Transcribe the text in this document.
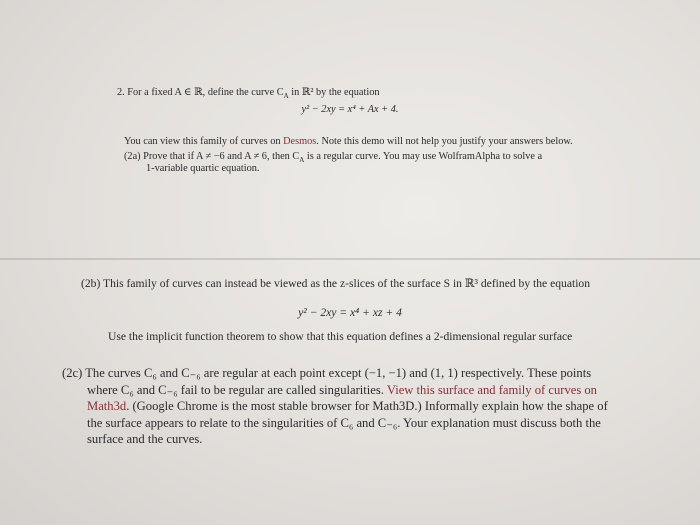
2. For a fixed A ∈ ℝ, define the curve $C_A$ in ℝ² by the equation
y² − 2xy = x⁴ + Ax + 4.
You can view this family of curves on Desmos. Note this demo will not help you justify your answers below.
(2a) Prove that if A ≠ −6 and A ≠ 6, then $C_A$ is a regular curve. You may use WolframAlpha to solve a
1-variable quartic equation.
(2b) This family of curves can instead be viewed as the z-slices of the surface S in ℝ³ defined by the equation
y² − 2xy = x⁴ + xz + 4
Use the implicit function theorem to show that this equation defines a 2-dimensional regular surface
(2c) The curves C₆ and C₋₆ are regular at each point except (−1, −1) and (1, 1) respectively. These points
where C₆ and C₋₆ fail to be regular are called singularities. View this surface and family of curves on
Math3d. (Google Chrome is the most stable browser for Math3D.) Informally explain how the shape of
the surface appears to relate to the singularities of C₆ and C₋₆. Your explanation must discuss both the
surface and the curves.
